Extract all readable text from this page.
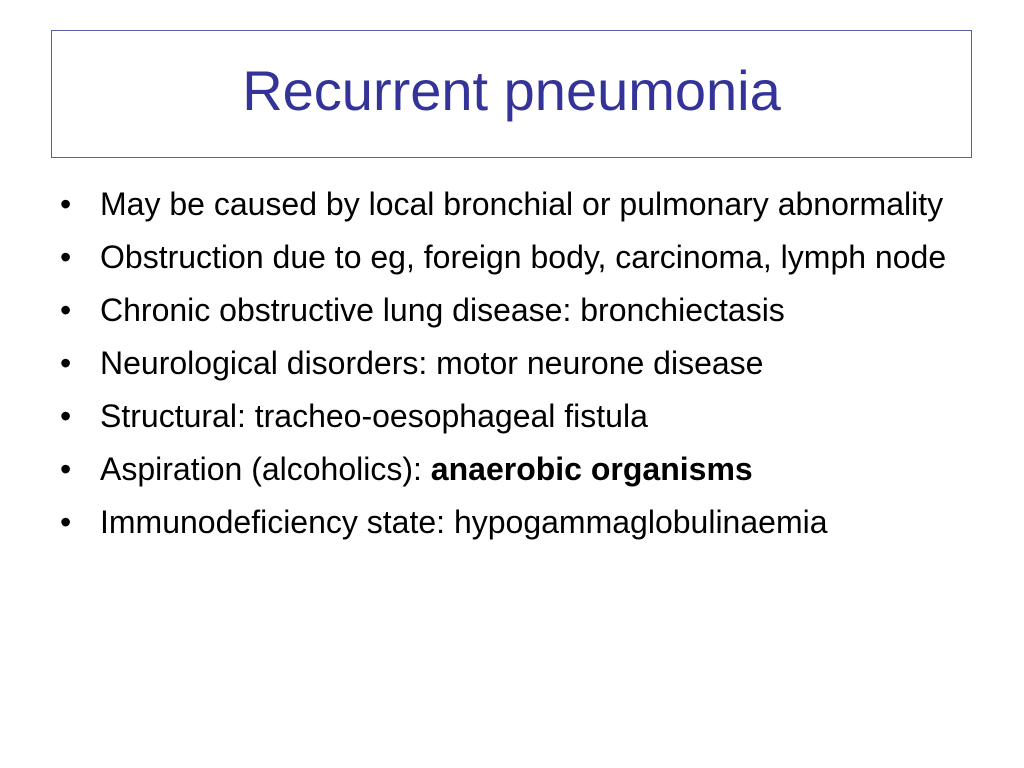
Recurrent pneumonia
• May be caused by local bronchial or pulmonary abnormality
• Obstruction due to eg, foreign body, carcinoma, lymph node
• Chronic obstructive lung disease: bronchiectasis
• Neurological disorders: motor neurone disease
• Structural: tracheo-oesophageal fistula
• Aspiration (alcoholics): anaerobic organisms
• Immunodeficiency state: hypogammaglobulinaemia
